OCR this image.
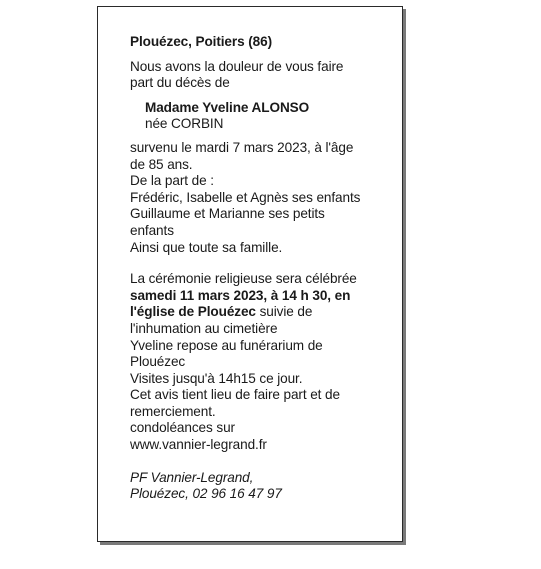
Plouézec, Poitiers (86)

Nous avons la douleur de vous faire

part du décès de

Madame Yveline ALONSO

née CORBIN

survenu le mardi 7 mars 2023, à l'âge

de 85 ans.

De la part de :

Frédéric, Isabelle et Agnès ses enfants

Guillaume et Marianne ses petits

enfants

Ainsi que toute sa famille.

La cérémonie religieuse sera célébrée

samedi 11 mars 2023, à 14 h 30, en

l'église de Plouézec suivie de

l'inhumation au cimetière

Yveline repose au funérarium de

Plouézec

Visites jusqu'à 14h15 ce jour.

Cet avis tient lieu de faire part et de

remerciement.

condoléances sur

www.vannier-legrand.fr

PF Vannier-Legrand,

Plouézec, 02 96 16 47 97
